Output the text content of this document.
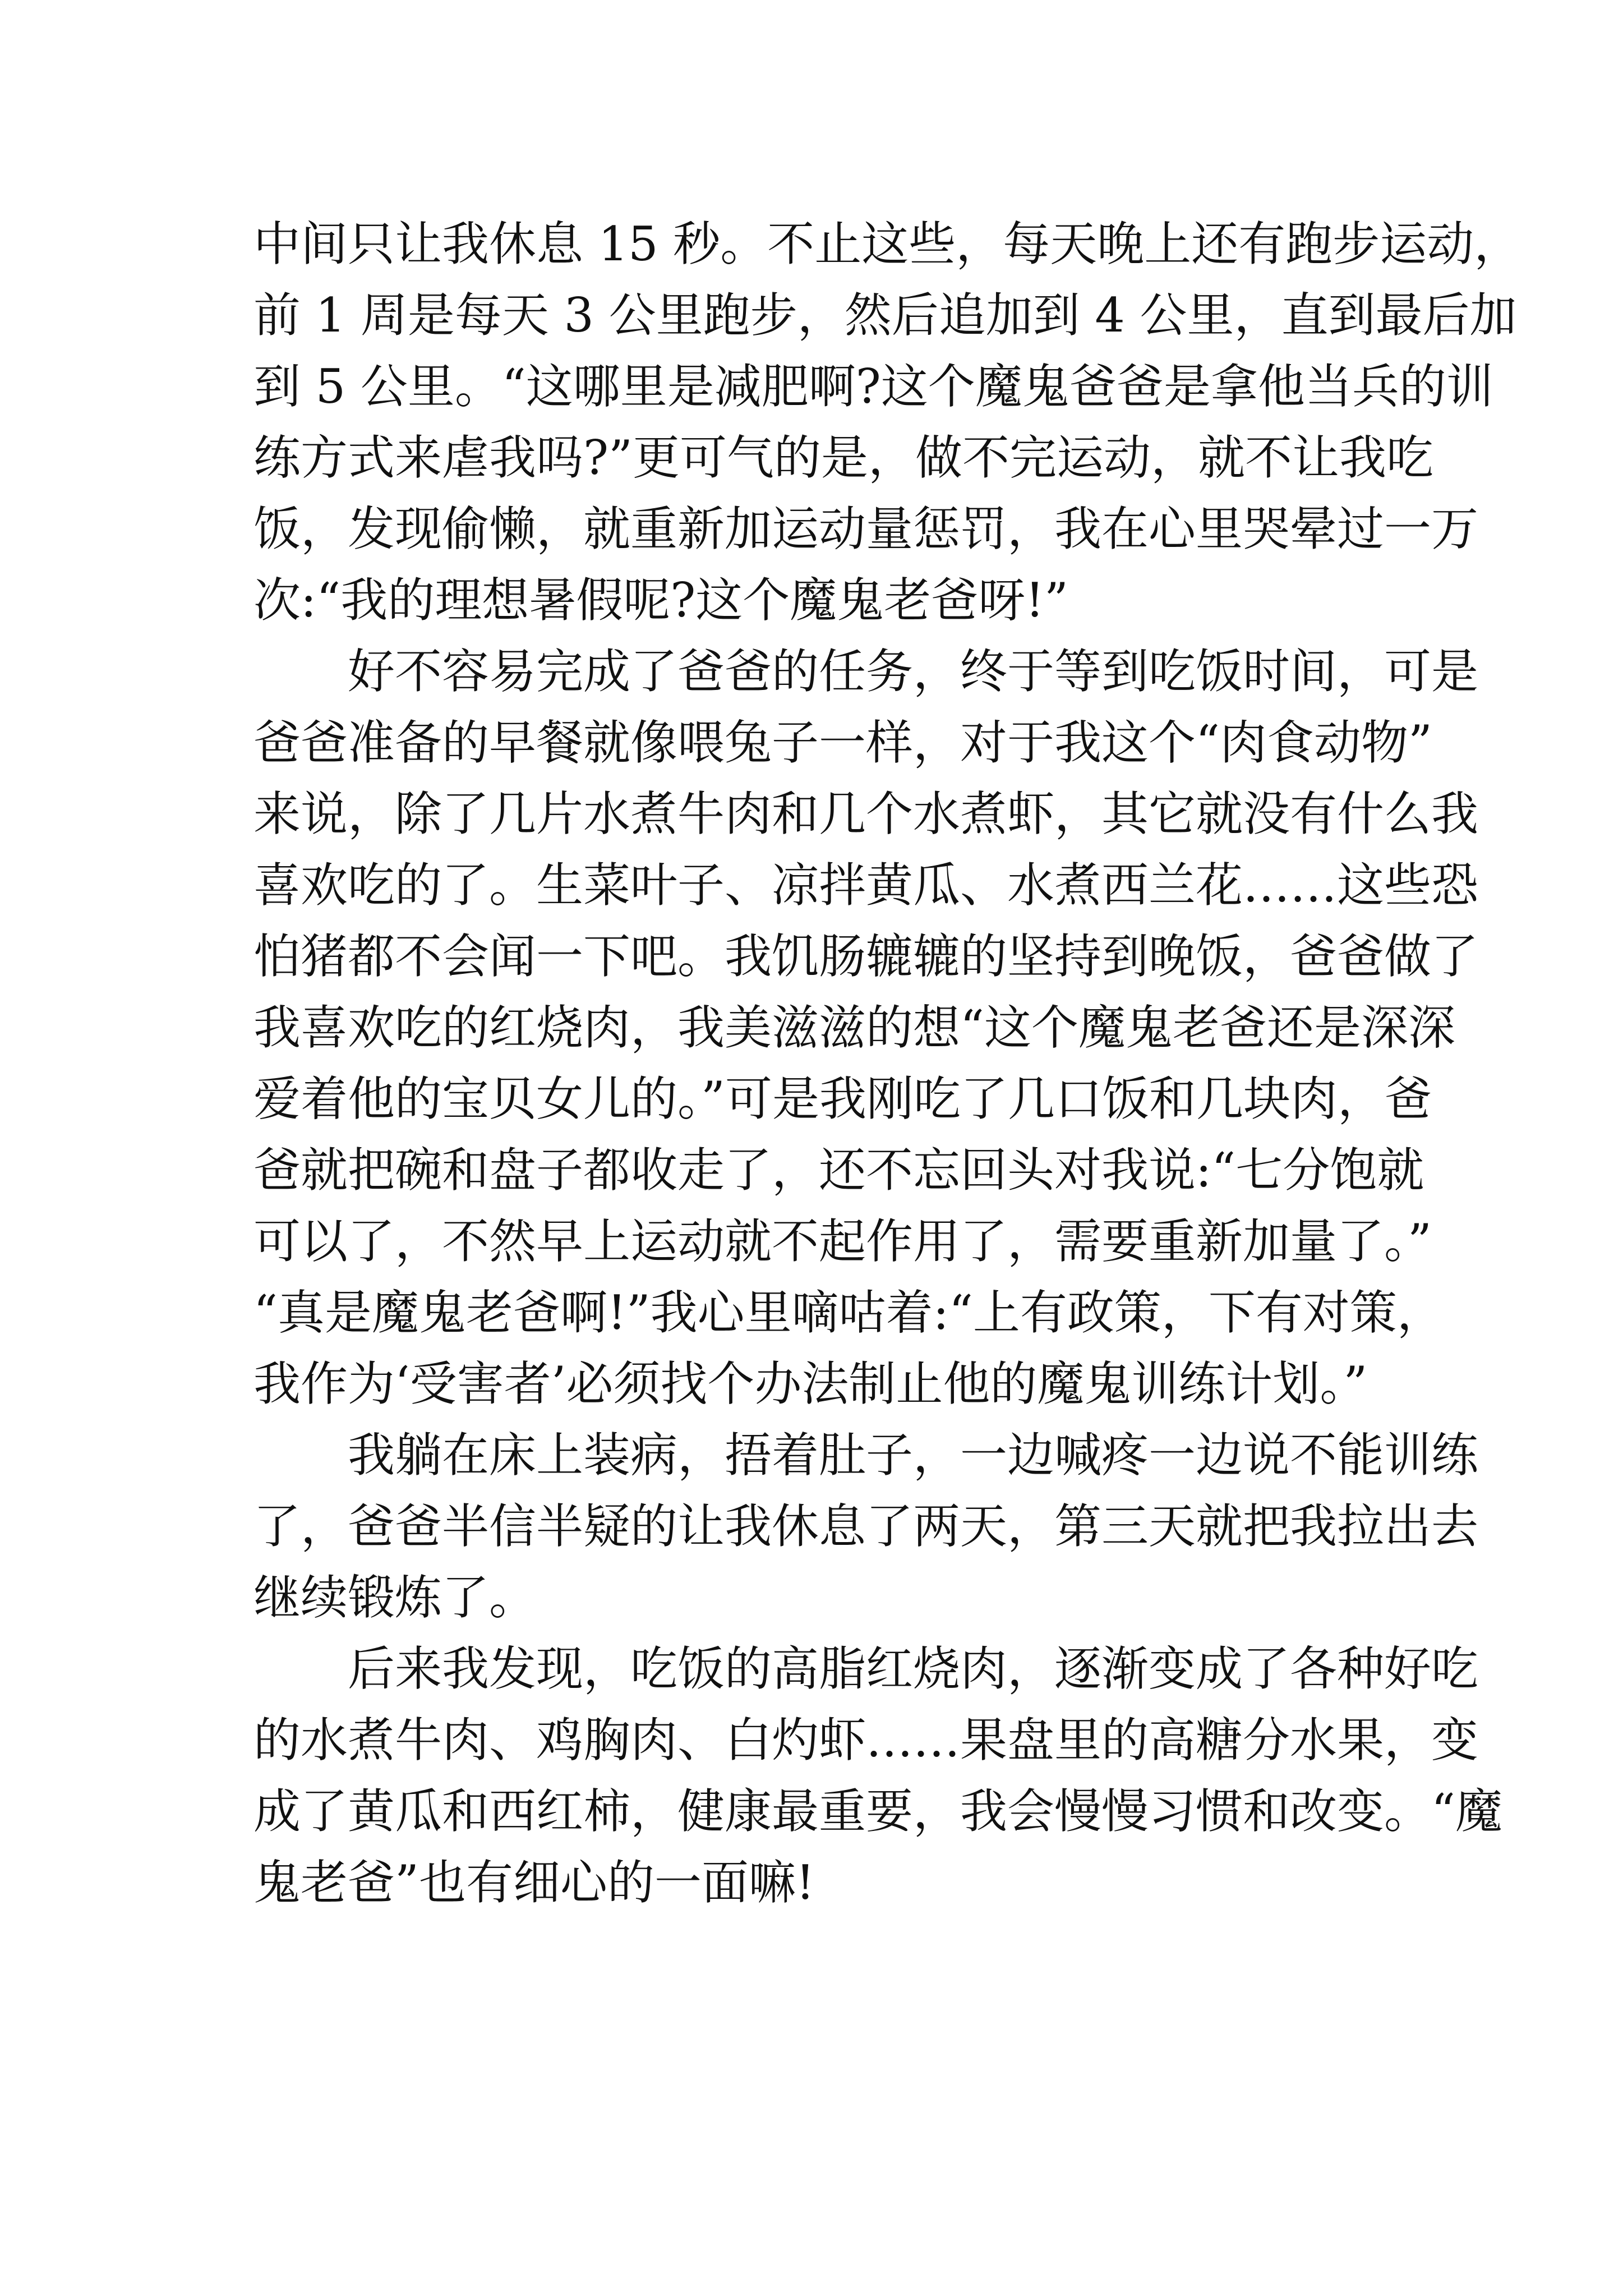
中间只让我休息 15 秒。不止这些，每天晚上还有跑步运动，
前 1 周是每天 3 公里跑步，然后追加到 4 公里，直到最后加
到 5 公里。“这哪里是减肥啊?这个魔鬼爸爸是拿他当兵的训
练方式来虐我吗?”更可气的是，做不完运动，就不让我吃
饭，发现偷懒，就重新加运动量惩罚，我在心里哭晕过一万
次:“我的理想暑假呢?这个魔鬼老爸呀!”
好不容易完成了爸爸的任务，终于等到吃饭时间，可是
爸爸准备的早餐就像喂兔子一样，对于我这个“肉食动物”
来说，除了几片水煮牛肉和几个水煮虾，其它就没有什么我
喜欢吃的了。生菜叶子、凉拌黄瓜、水煮西兰花……这些恐
怕猪都不会闻一下吧。我饥肠辘辘的坚持到晚饭，爸爸做了
我喜欢吃的红烧肉，我美滋滋的想“这个魔鬼老爸还是深深
爱着他的宝贝女儿的。”可是我刚吃了几口饭和几块肉，爸
爸就把碗和盘子都收走了，还不忘回头对我说:“七分饱就
可以了，不然早上运动就不起作用了，需要重新加量了。”
“真是魔鬼老爸啊!”我心里嘀咕着:“上有政策，下有对策，
我作为‘受害者’必须找个办法制止他的魔鬼训练计划。”
我躺在床上装病，捂着肚子，一边喊疼一边说不能训练
了，爸爸半信半疑的让我休息了两天，第三天就把我拉出去
继续锻炼了。
后来我发现，吃饭的高脂红烧肉，逐渐变成了各种好吃
的水煮牛肉、鸡胸肉、白灼虾……果盘里的高糖分水果，变
成了黄瓜和西红柿，健康最重要，我会慢慢习惯和改变。“魔
鬼老爸”也有细心的一面嘛!
